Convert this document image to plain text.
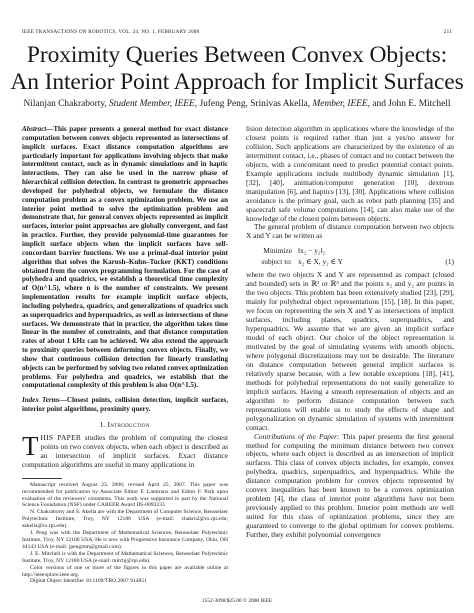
IEEE TRANSACTIONS ON ROBOTICS, VOL. 24, NO. 1, FEBRUARY 2008	211
Proximity Queries Between Convex Objects:
An Interior Point Approach for Implicit Surfaces
Nilanjan Chakraborty, Student Member, IEEE, Jufeng Peng, Srinivas Akella, Member, IEEE, and John E. Mitchell
Abstract—This paper presents a general method for exact distance computation between convex objects represented as intersections of implicit surfaces. Exact distance computation algorithms are particularly important for applications involving objects that make intermittent contact, such as in dynamic simulations and in haptic interactions. They can also be used in the narrow phase of hierarchical collision detection. In contrast to geometric approaches developed for polyhedral objects, we formulate the distance computation problem as a convex optimization problem. We use an interior point method to solve the optimization problem and demonstrate that, for general convex objects represented as implicit surfaces, interior point approaches are globally convergent, and fast in practice. Further, they provide polynomial-time guarantees for implicit surface objects when the implicit surfaces have self-concordant barrier functions. We use a primal-dual interior point algorithm that solves the Karush–Kuhn–Tucker (KKT) conditions obtained from the convex programming formulation. For the case of polyhedra and quadrics, we establish a theoretical time complexity of O(n^1.5), where n is the number of constraints. We present implementation results for example implicit surface objects, including polyhedra, quadrics, and generalizations of quadrics such as superquadrics and hyperquadrics, as well as intersections of these surfaces. We demonstrate that in practice, the algorithm takes time linear in the number of constraints, and that distance computation rates of about 1 kHz can be achieved. We also extend the approach to proximity queries between deforming convex objects. Finally, we show that continuous collision detection for linearly translating objects can be performed by solving two related convex optimization problems. For polyhedra and quadrics, we establish that the computational complexity of this problem is also O(n^1.5).
Index Terms—Closest points, collision detection, implicit surfaces, interior point algorithms, proximity query.
I. Introduction
THIS PAPER studies the problem of computing the closest points on two convex objects, when each object is described as an intersection of implicit surfaces. Exact distance computation algorithms are useful in many applications in

Manuscript received August 23, 2006; revised April 25, 2007. This paper was recommended for publication by Associate Editor F. Lamiraux and Editor F. Park upon evaluation of the reviewers' comments. This work was supported in part by the National Science Foundation (NSF) under CAREER Award IIS-0093233.

N. Chakraborty and S. Akella are with the Department of Computer Science, Rensselaer Polytechnic Institute, Troy, NY 12180 USA (e-mail: chakrn2@cs.rpi.edu; sakella@cs.rpi.edu).

J. Peng was with the Department of Mathematical Sciences, Rensselaer Polytechnic Institute, Troy, NY 12180 USA. He is now with Progressive Insurance Company, Ohio, OH 44143 USA (e-mail: jpengmm@gmail.com).

J. E. Mitchell is with the Department of Mathematical Sciences, Rensselaer Polytechnic Institute, Troy, NY 12180 USA (e-mail: mitchj@rpi.edu).

Color versions of one or more of the figures in this paper are available online at http://ieeexplore.ieee.org.

Digital Object Identifier 10.1109/TRO.2007.914851

lision detection algorithm in applications where the knowledge of the closest points is required rather than just a yes/no answer for collision. Such applications are characterized by the existence of an intermittent contact, i.e., phases of contact and no contact between the objects, with a concomitant need to predict potential contact points. Example applications include multibody dynamic simulation [1], [32], [40], animation/computer generation [10], dextrous manipulation [6], and haptics [13], [30]. Applications where collision avoidance is the primary goal, such as robot path planning [35] and spacecraft safe volume computations [14], can also make use of the knowledge of the closest points between objects.

The general problem of distance computation between two objects X and Y can be written as

Minimize ‖x₂ − y₂‖₂
subject to: x₂ ∈ X, y₂ ∈ Y	(1)

where the two objects X and Y are represented as compact (closed and bounded) sets in ℝ² or ℝ³ and the points x₂ and y₂ are points in the two objects. This problem has been extensively studied [23], [29], mainly for polyhedral object representations [15], [18]. In this paper, we focus on representing the sets X and Y as intersections of implicit surfaces, including planes, quadrics, superquadrics, and hyperquadrics. We assume that we are given an implicit surface model of each object. Our choice of the object representation is motivated by the goal of simulating systems with smooth objects, where polygonal discretizations may not be desirable. The literature on distance computation between general implicit surfaces is relatively sparse because, with a few notable exceptions [18], [41], methods for polyhedral representations do not easily generalize to implicit surfaces. Having a smooth representation of objects and an algorithm to perform distance computation between such representations will enable us to study the effects of shape and polygonalization on dynamic simulation of systems with intermittent contact.

Contributions of the Paper: This paper presents the first general method for computing the minimum distance between two convex objects, where each object is described as an intersection of implicit surfaces. This class of convex objects includes, for example, convex polyhedra, quadrics, superquadrics, and hyperquadrics. While the distance computation problem for convex objects represented by convex inequalities has been known to be a convex optimization problem [4], the class of interior point algorithms have not been previously applied to this problem. Interior point methods are well suited for this class of optimization problems, since they are guaranteed to converge to the global optimum for convex problems. Further, they exhibit polynomial convergence

1552-3098/$25.00 © 2008 IEEE
